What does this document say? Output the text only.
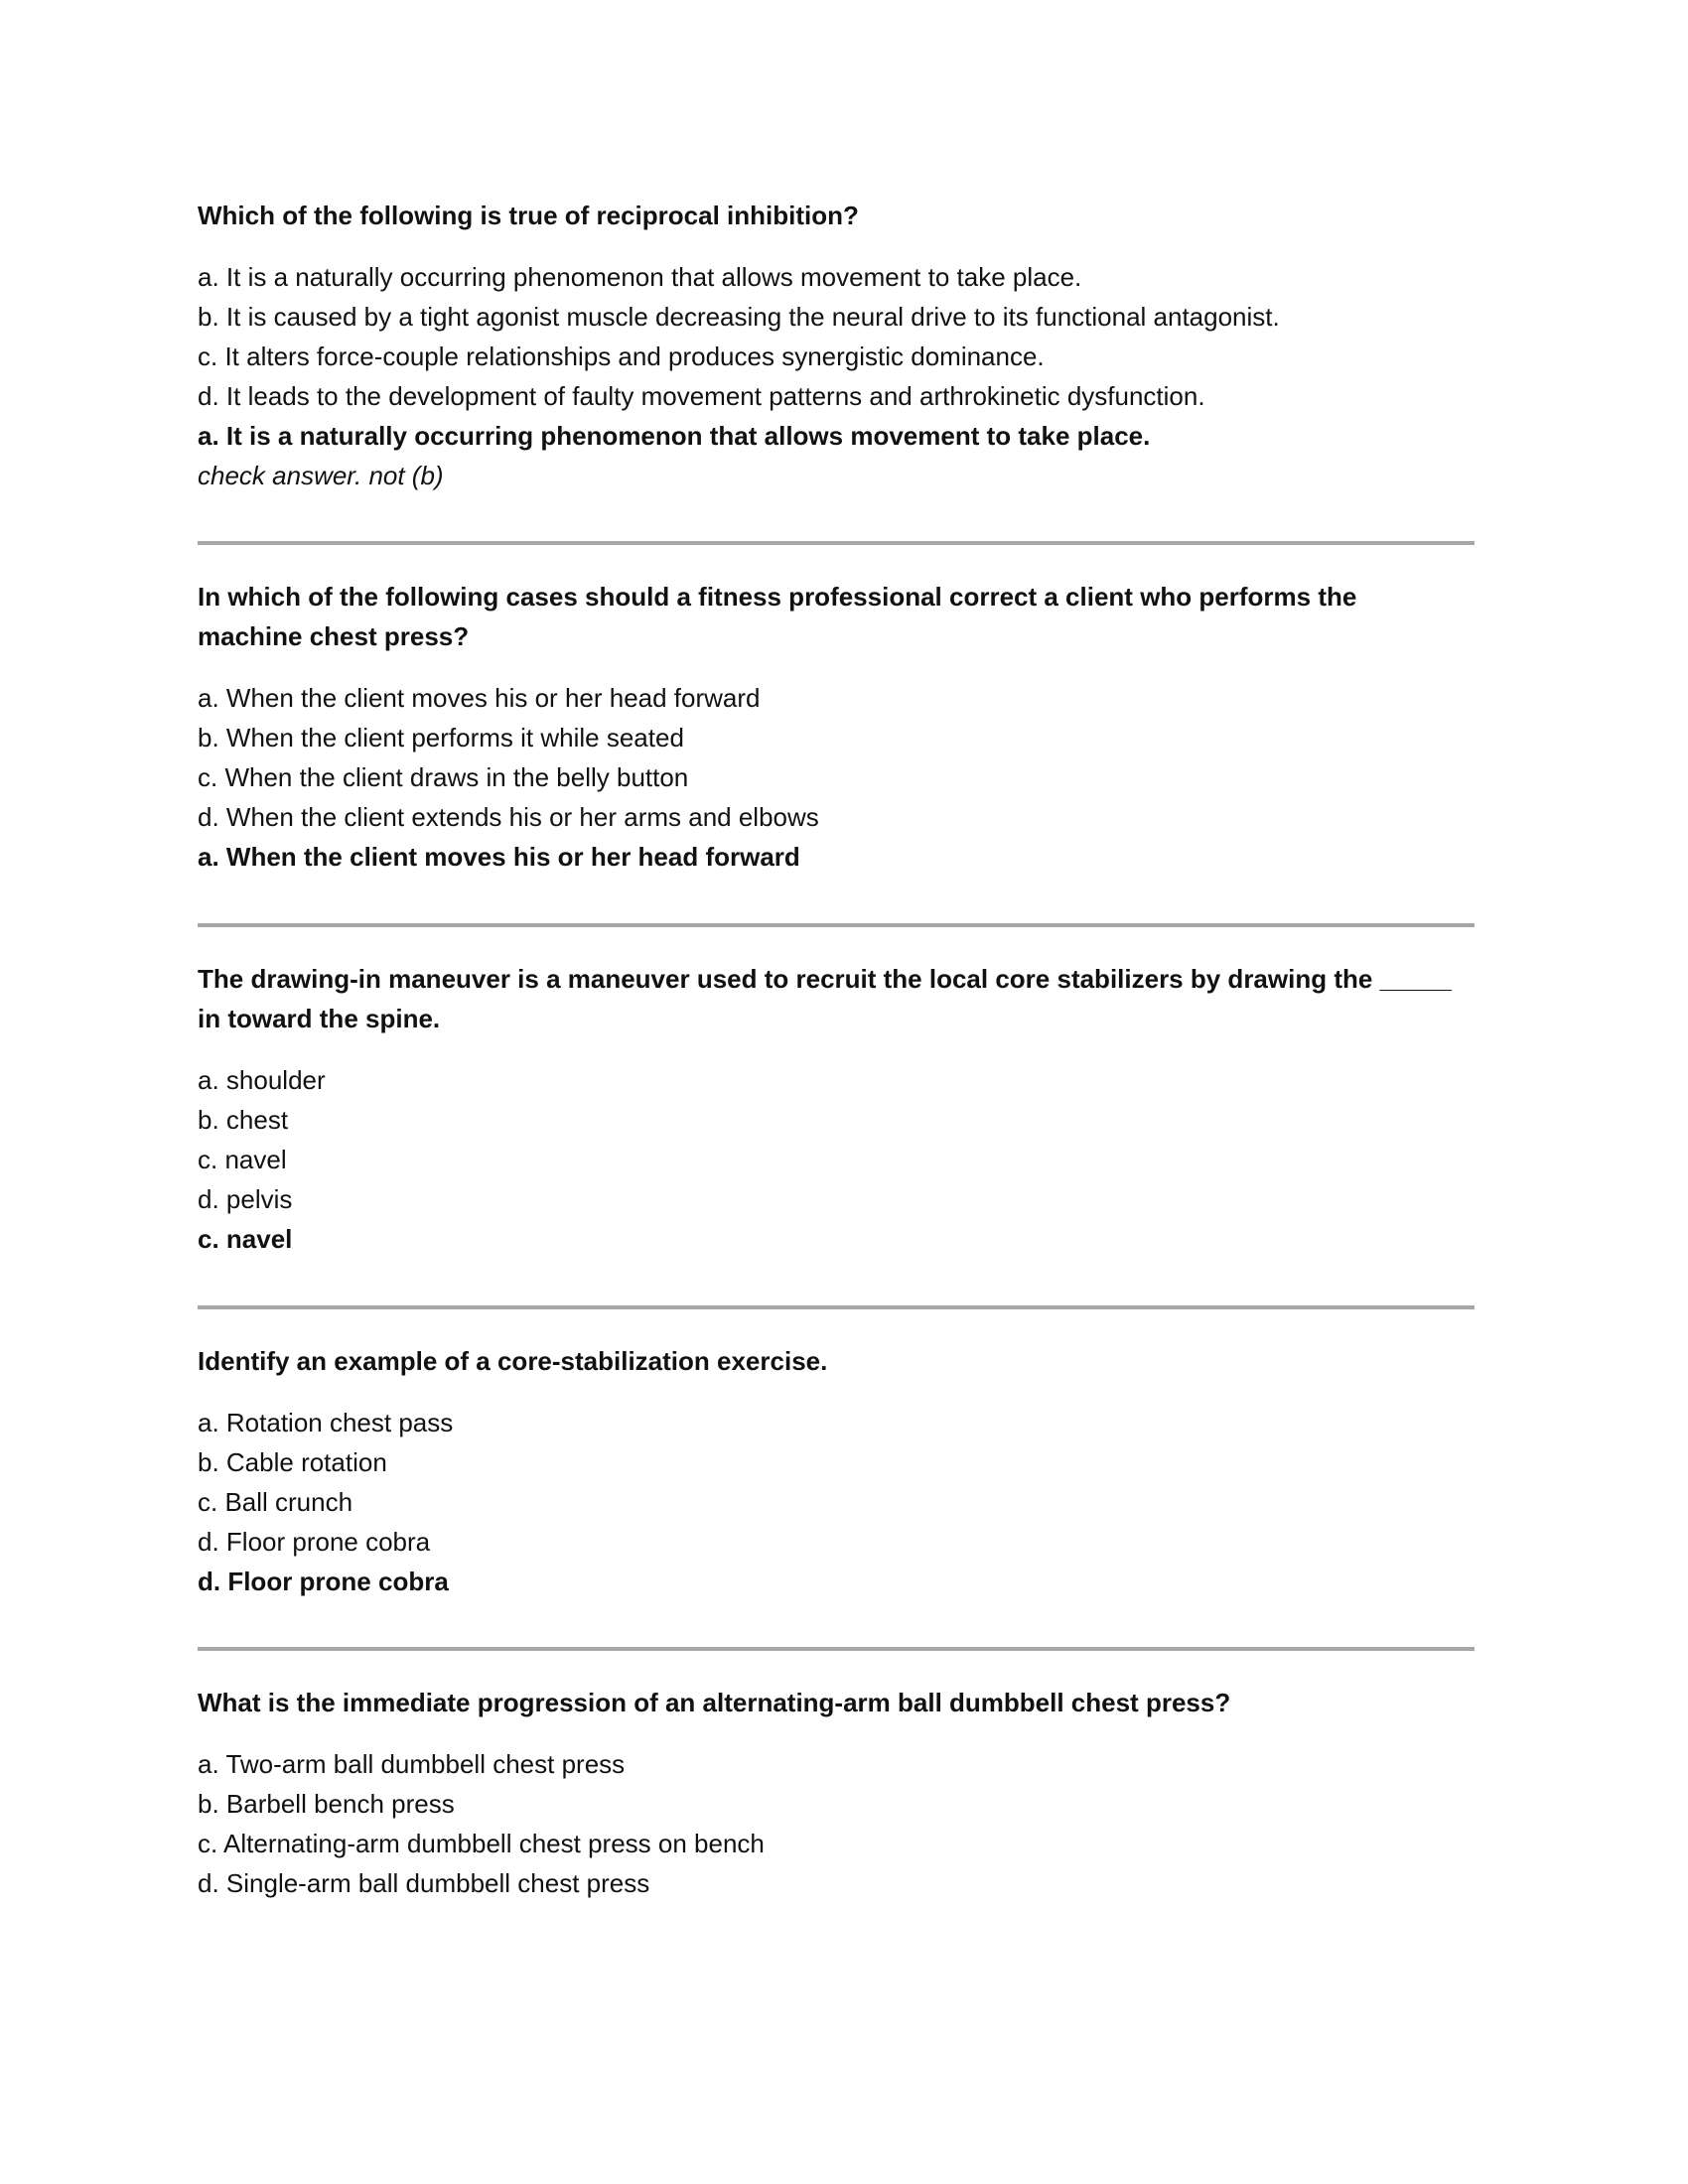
Which of the following is true of reciprocal inhibition?
a. It is a naturally occurring phenomenon that allows movement to take place.
b. It is caused by a tight agonist muscle decreasing the neural drive to its functional antagonist.
c. It alters force-couple relationships and produces synergistic dominance.
d. It leads to the development of faulty movement patterns and arthrokinetic dysfunction.
a. It is a naturally occurring phenomenon that allows movement to take place.
check answer. not (b)
In which of the following cases should a fitness professional correct a client who performs the machine chest press?
a. When the client moves his or her head forward
b. When the client performs it while seated
c. When the client draws in the belly button
d. When the client extends his or her arms and elbows
a. When the client moves his or her head forward
The drawing-in maneuver is a maneuver used to recruit the local core stabilizers by drawing the _____ in toward the spine.
a. shoulder
b. chest
c. navel
d. pelvis
c. navel
Identify an example of a core-stabilization exercise.
a. Rotation chest pass
b. Cable rotation
c. Ball crunch
d. Floor prone cobra
d. Floor prone cobra
What is the immediate progression of an alternating-arm ball dumbbell chest press?
a. Two-arm ball dumbbell chest press
b. Barbell bench press
c. Alternating-arm dumbbell chest press on bench
d. Single-arm ball dumbbell chest press
